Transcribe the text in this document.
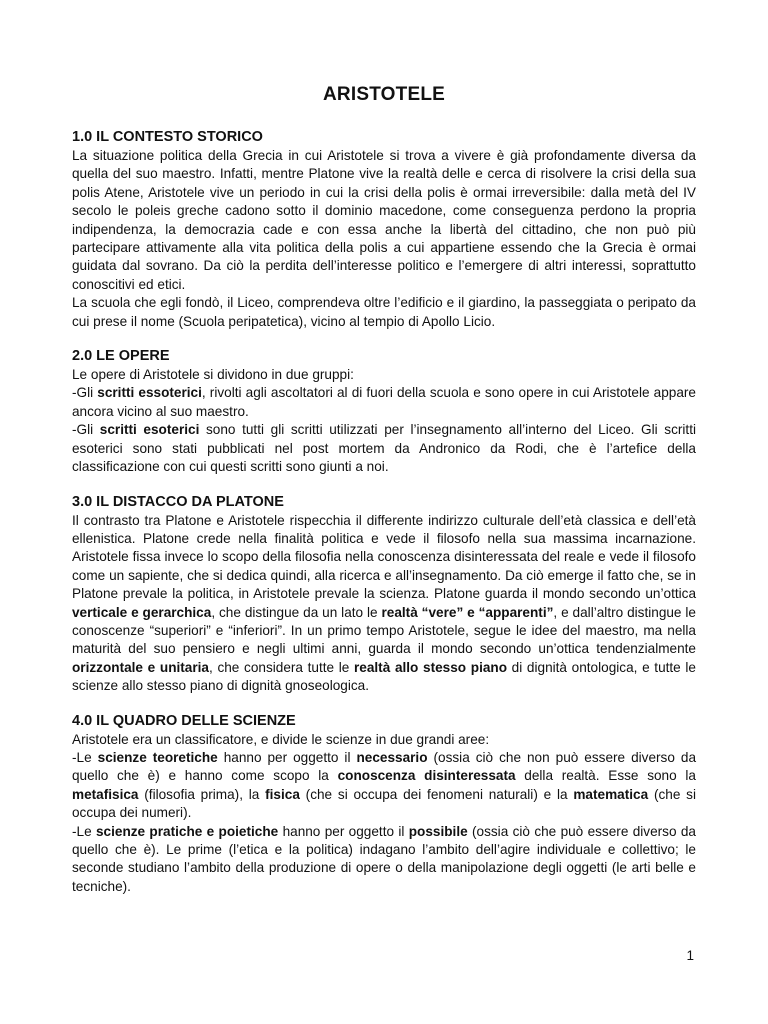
ARISTOTELE
1.0 IL CONTESTO STORICO

La situazione politica della Grecia in cui Aristotele si trova a vivere è già profondamente diversa da quella del suo maestro. Infatti, mentre Platone vive la realtà delle e cerca di risolvere la crisi della sua polis Atene, Aristotele vive un periodo in cui la crisi della polis è ormai irreversibile: dalla metà del IV secolo le poleis greche cadono sotto il dominio macedone, come conseguenza perdono la propria indipendenza, la democrazia cade e con essa anche la libertà del cittadino, che non può più partecipare attivamente alla vita politica della polis a cui appartiene essendo che la Grecia è ormai guidata dal sovrano. Da ciò la perdita dell’interesse politico e l’emergere di altri interessi, soprattutto conoscitivi ed etici.

La scuola che egli fondò, il Liceo, comprendeva oltre l’edificio e il giardino, la passeggiata o peripato da cui prese il nome (Scuola peripatetica), vicino al tempio di Apollo Licio.

2.0 LE OPERE

Le opere di Aristotele si dividono in due gruppi:

-Gli scritti essoterici, rivolti agli ascoltatori al di fuori della scuola e sono opere in cui Aristotele appare ancora vicino al suo maestro.

-Gli scritti esoterici sono tutti gli scritti utilizzati per l’insegnamento all’interno del Liceo. Gli scritti esoterici sono stati pubblicati nel post mortem da Andronico da Rodi, che è l’artefice della classificazione con cui questi scritti sono giunti a noi.

3.0 IL DISTACCO DA PLATONE

Il contrasto tra Platone e Aristotele rispecchia il differente indirizzo culturale dell’età classica e dell’età ellenistica. Platone crede nella finalità politica e vede il filosofo nella sua massima incarnazione. Aristotele fissa invece lo scopo della filosofia nella conoscenza disinteressata del reale e vede il filosofo come un sapiente, che si dedica quindi, alla ricerca e all’insegnamento. Da ciò emerge il fatto che, se in Platone prevale la politica, in Aristotele prevale la scienza. Platone guarda il mondo secondo un’ottica verticale e gerarchica, che distingue da un lato le realtà “vere” e “apparenti”, e dall’altro distingue le conoscenze “superiori” e “inferiori”. In un primo tempo Aristotele, segue le idee del maestro, ma nella maturità del suo pensiero e negli ultimi anni, guarda il mondo secondo un’ottica tendenzialmente orizzontale e unitaria, che considera tutte le realtà allo stesso piano di dignità ontologica, e tutte le scienze allo stesso piano di dignità gnoseologica.

4.0 IL QUADRO DELLE SCIENZE

Aristotele era un classificatore, e divide le scienze in due grandi aree:

-Le scienze teoretiche hanno per oggetto il necessario (ossia ciò che non può essere diverso da quello che è) e hanno come scopo la conoscenza disinteressata della realtà. Esse sono la metafisica (filosofia prima), la fisica (che si occupa dei fenomeni naturali) e la matematica (che si occupa dei numeri).

-Le scienze pratiche e poietiche hanno per oggetto il possibile (ossia ciò che può essere diverso da quello che è). Le prime (l’etica e la politica) indagano l’ambito dell’agire individuale e collettivo; le seconde studiano l’ambito della produzione di opere o della manipolazione degli oggetti (le arti belle e tecniche).

1
